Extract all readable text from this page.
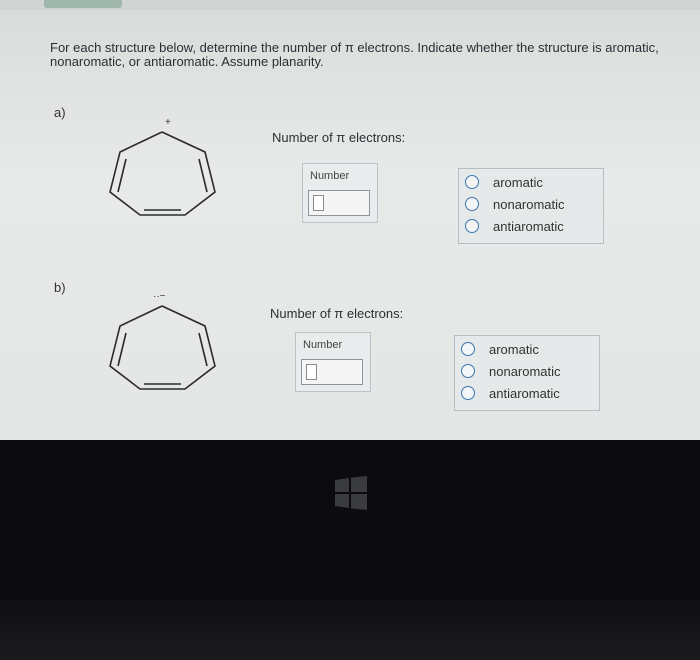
For each structure below, determine the number of π electrons. Indicate whether the structure is aromatic, nonaromatic, or antiaromatic. Assume planarity.
a)
+
Number of π electrons:
Number	aromatic
nonaromatic
antiaromatic
b)
··−
Number of π electrons:
Number	aromatic
nonaromatic
antiaromatic
